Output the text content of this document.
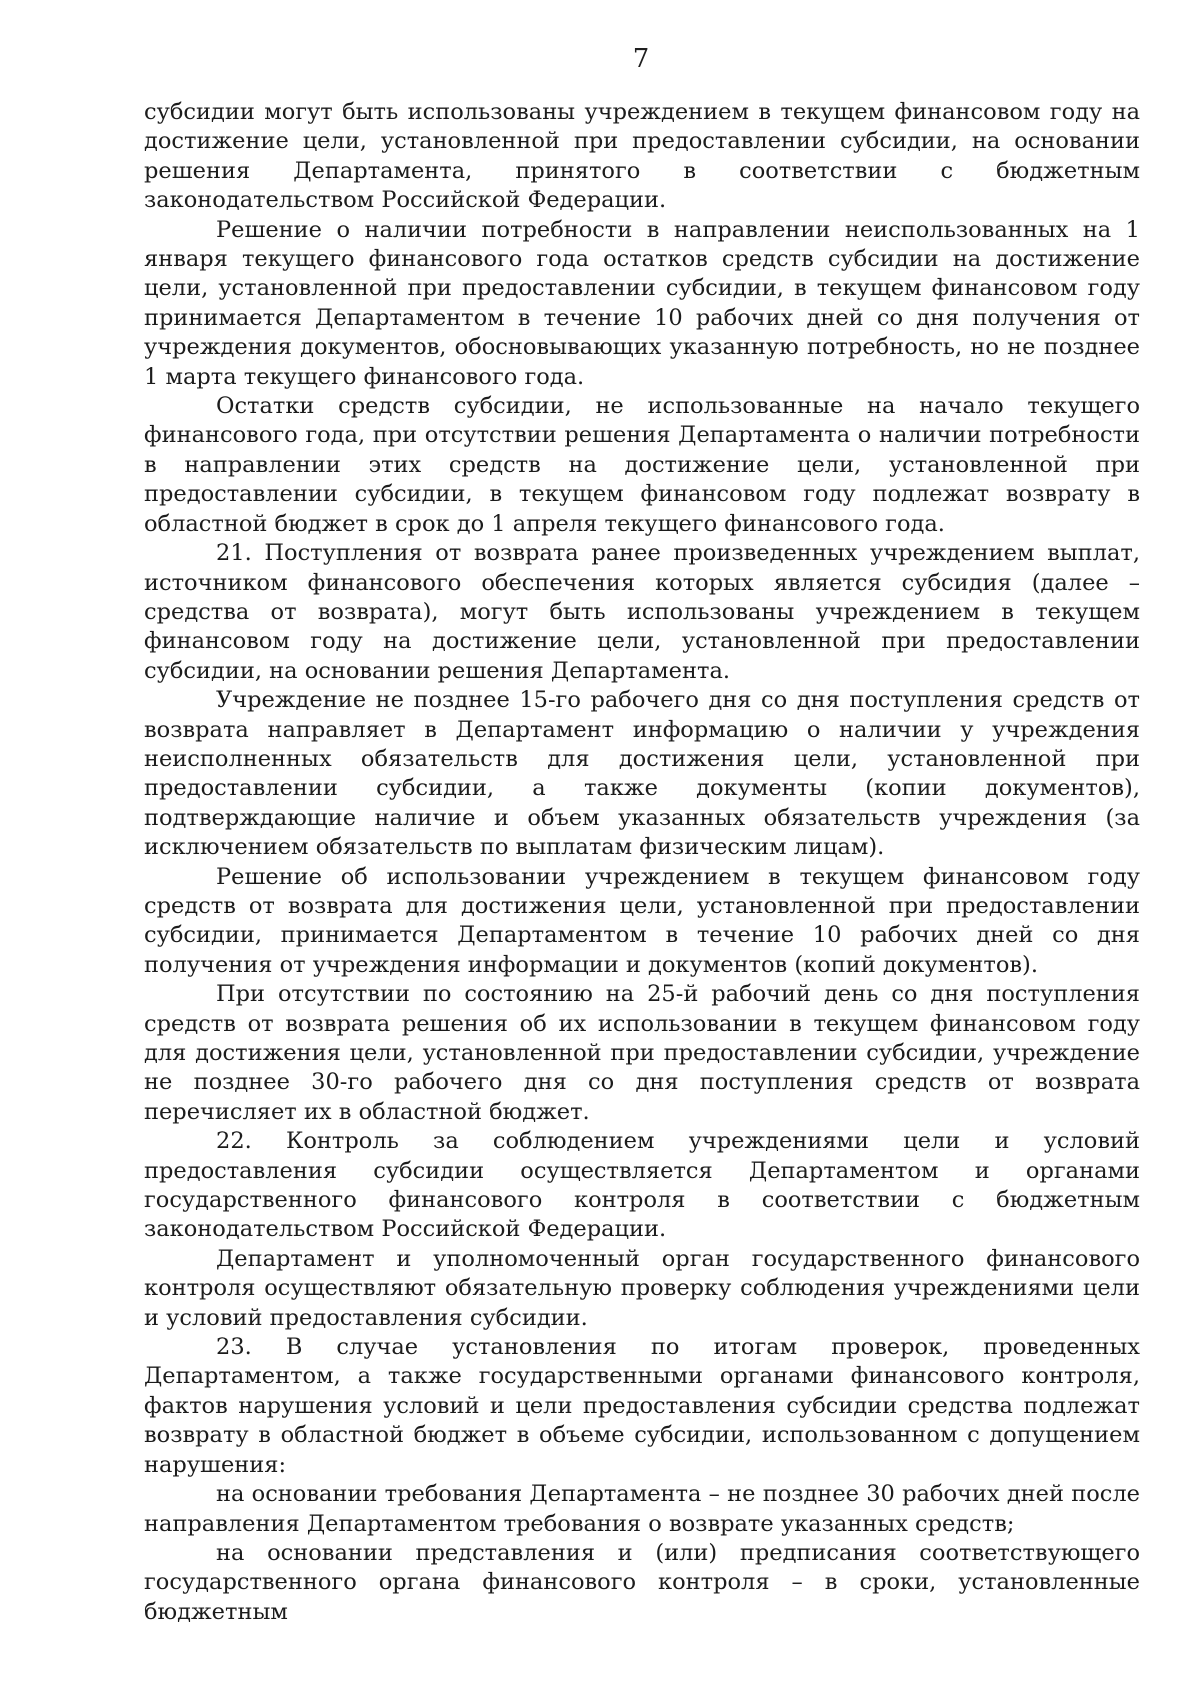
7

субсидии могут быть использованы учреждением в текущем финансовом году на достижение цели, установленной при предоставлении субсидии, на основании решения Департамента, принятого в соответствии с бюджетным законодательством Российской Федерации.

Решение о наличии потребности в направлении неиспользованных на 1 января текущего финансового года остатков средств субсидии на достижение цели, установленной при предоставлении субсидии, в текущем финансовом году принимается Департаментом в течение 10 рабочих дней со дня получения от учреждения документов, обосновывающих указанную потребность, но не позднее 1 марта текущего финансового года.

Остатки средств субсидии, не использованные на начало текущего финансового года, при отсутствии решения Департамента о наличии потребности в направлении этих средств на достижение цели, установленной при предоставлении субсидии, в текущем финансовом году подлежат возврату в областной бюджет в срок до 1 апреля текущего финансового года.

21. Поступления от возврата ранее произведенных учреждением выплат, источником финансового обеспечения которых является субсидия (далее – средства от возврата), могут быть использованы учреждением в текущем финансовом году на достижение цели, установленной при предоставлении субсидии, на основании решения Департамента.

Учреждение не позднее 15-го рабочего дня со дня поступления средств от возврата направляет в Департамент информацию о наличии у учреждения неисполненных обязательств для достижения цели, установленной при предоставлении субсидии, а также документы (копии документов), подтверждающие наличие и объем указанных обязательств учреждения (за исключением обязательств по выплатам физическим лицам).

Решение об использовании учреждением в текущем финансовом году средств от возврата для достижения цели, установленной при предоставлении субсидии, принимается Департаментом в течение 10 рабочих дней со дня получения от учреждения информации и документов (копий документов).

При отсутствии по состоянию на 25-й рабочий день со дня поступления средств от возврата решения об их использовании в текущем финансовом году для достижения цели, установленной при предоставлении субсидии, учреждение не позднее 30-го рабочего дня со дня поступления средств от возврата перечисляет их в областной бюджет.

22. Контроль за соблюдением учреждениями цели и условий предоставления субсидии осуществляется Департаментом и органами государственного финансового контроля в соответствии с бюджетным законодательством Российской Федерации.

Департамент и уполномоченный орган государственного финансового контроля осуществляют обязательную проверку соблюдения учреждениями цели и условий предоставления субсидии.

23. В случае установления по итогам проверок, проведенных Департаментом, а также государственными органами финансового контроля, фактов нарушения условий и цели предоставления субсидии средства подлежат возврату в областной бюджет в объеме субсидии, использованном с допущением нарушения:

на основании требования Департамента – не позднее 30 рабочих дней после направления Департаментом требования о возврате указанных средств;

на основании представления и (или) предписания соответствующего государственного органа финансового контроля – в сроки, установленные бюджетным
